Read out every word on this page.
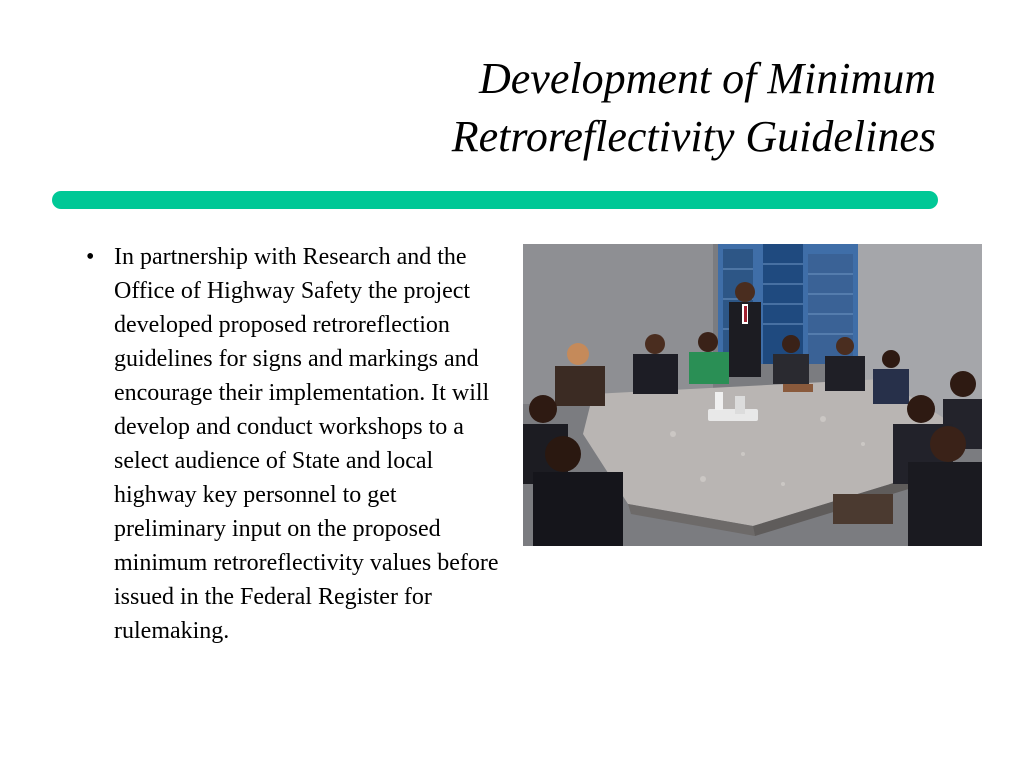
Development of Minimum
Retroreflectivity Guidelines
• In partnership with Research and the Office of Highway Safety the project developed proposed retroreflection guidelines for signs and markings and encourage their implementation. It will develop and conduct workshops to a select audience of State and local highway key personnel to get preliminary input on the proposed minimum retroreflectivity values before issued in the Federal Register for rulemaking.
